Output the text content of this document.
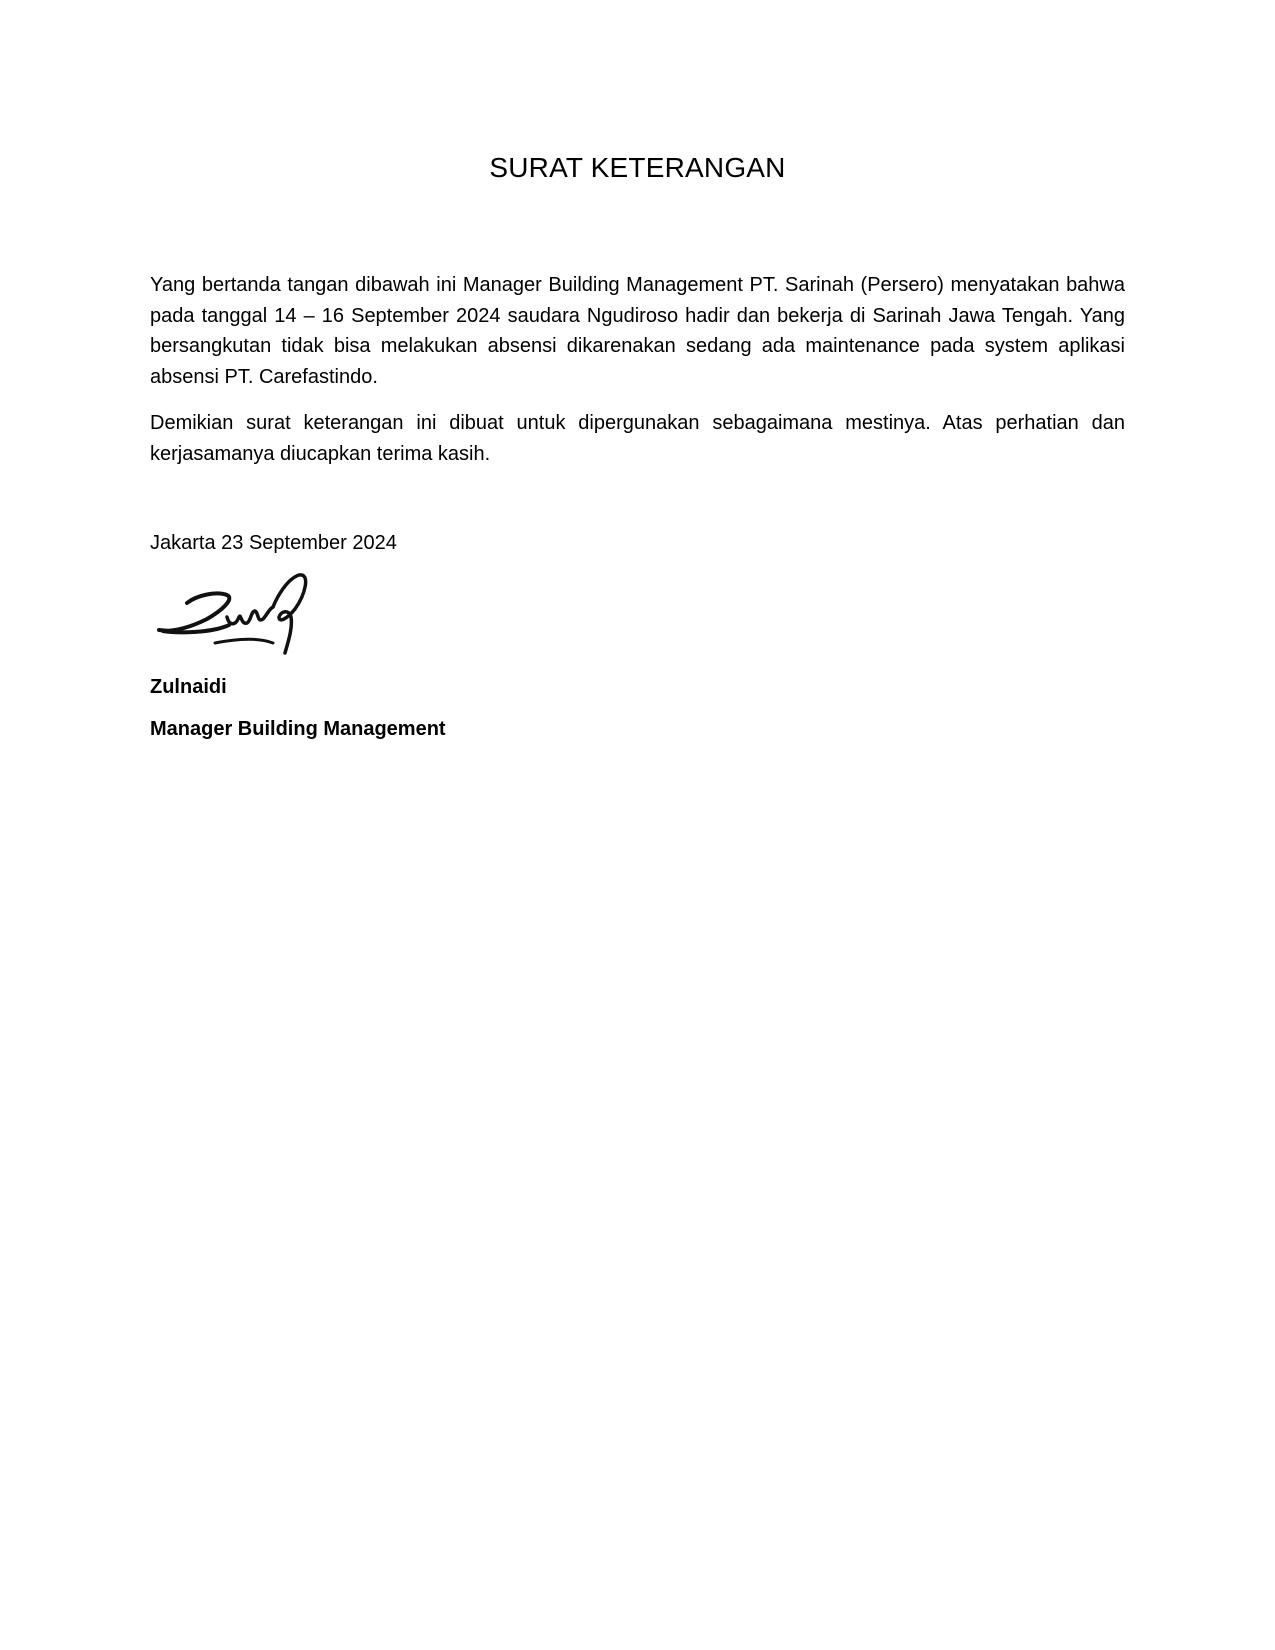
SURAT KETERANGAN

Yang bertanda tangan dibawah ini Manager Building Management PT. Sarinah (Persero) menyatakan bahwa pada tanggal 14 – 16 September 2024 saudara Ngudiroso hadir dan bekerja di Sarinah Jawa Tengah. Yang bersangkutan tidak bisa melakukan absensi dikarenakan sedang ada maintenance pada system aplikasi absensi PT. Carefastindo.

Demikian surat keterangan ini dibuat untuk dipergunakan sebagaimana mestinya. Atas perhatian dan kerjasamanya diucapkan terima kasih.

Jakarta 23 September 2024
Zulnaidi
Manager Building Management
